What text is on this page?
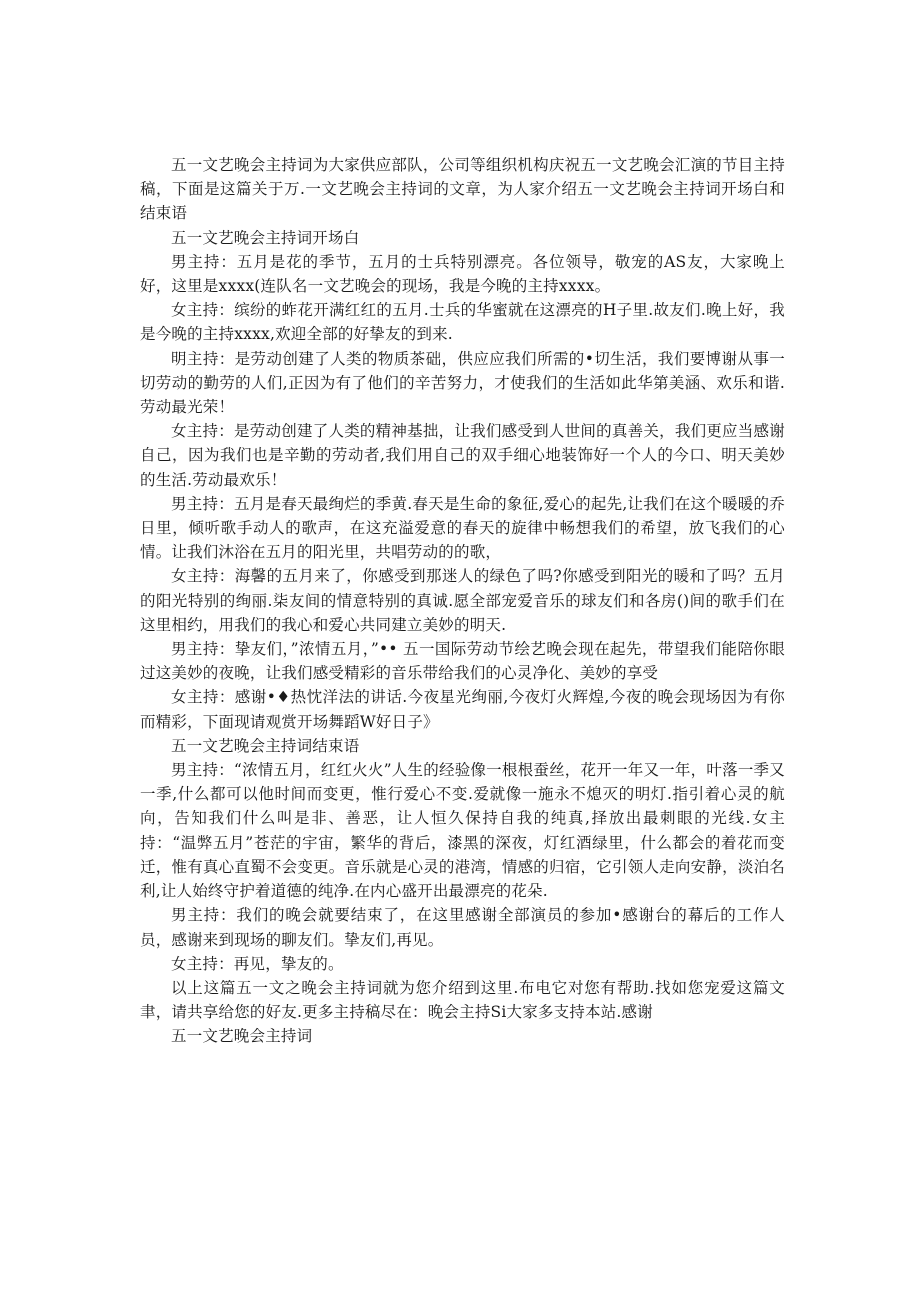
五一文艺晚会主持词为大家供应部队，公司等组织机构庆祝五一文艺晚会汇演的节目主持稿，下面是这篇关于万.一文艺晚会主持词的文章，为人家介绍五一文艺晚会主持词开场白和结束语

五一文艺晚会主持词开场白

男主持：五月是花的季节，五月的士兵特别漂亮。各位领导，敬宠的AS友，大家晚上好，这里是xxxx(连队名一文艺晚会的现场，我是今晚的主持xxxx。

女主持：缤纷的蚱花开满红红的五月.士兵的华蜜就在这漂亮的H子里.故友们.晚上好，我是今晚的主持xxxx,欢迎全部的好挚友的到来.

明主持：是劳动创建了人类的物质茶础，供应应我们所需的•切生活，我们要博谢从事一切劳动的勤劳的人们,正因为有了他们的辛苦努力，才使我们的生活如此华第美涵、欢乐和谐.劳动最光荣！

女主持：是劳动创建了人类的精神基拙，让我们感受到人世间的真善关，我们更应当感谢自己，因为我们也是辛勤的劳动者,我们用自己的双手细心地装饰好一个人的今口、明天美妙的生活.劳动最欢乐！

男主持：五月是春天最绚烂的季黄.春天是生命的象征,爱心的起先,让我们在这个暖暖的乔日里，倾听歌手动人的歌声，在这充溢爱意的春天的旋律中畅想我们的希望，放飞我们的心情。让我们沐浴在五月的阳光里，共唱劳动的的歌，

女主持：海馨的五月来了，你感受到那迷人的绿色了吗?你感受到阳光的暖和了吗？五月的阳光特别的绚丽.柒友间的情意特别的真诚.愿全部宠爱音乐的球友们和各房()间的歌手们在这里相约，用我们的我心和爱心共同建立美妙的明天.

男主持：挚友们，”浓情五月，”•• 五一国际劳动节绘艺晚会现在起先，带望我们能陪你眼过这美妙的夜晚，让我们感受精彩的音乐带给我们的心灵净化、美妙的享受

女主持：感谢•♦热忱洋法的讲话.今夜星光绚丽,今夜灯火辉煌,今夜的晚会现场因为有你而精彩，下面现请观赏开场舞蹈W好日子》

五一文艺晚会主持词结束语

男主持：“浓情五月，红红火火”人生的经验像一根根蚕丝，花开一年又一年，叶落一季又一季,什么都可以他时间而变更，惟行爱心不变.爱就像一施永不熄灭的明灯.指引着心灵的航向，告知我们什么叫是非、善恶，让人恒久保持自我的纯真,择放出最刺眼的光线.女主持：“温弊五月”苍茫的宇宙，繁华的背后，漆黑的深夜，灯红酒绿里，什么都会的着花而变迁，惟有真心直蜀不会变更。音乐就是心灵的港湾，情感的归宿，它引领人走向安静，淡泊名利,让人始终守护着道德的纯净.在内心盛开出最漂亮的花朵.

男主持：我们的晚会就要结束了，在这里感谢全部演员的参加•感谢台的幕后的工作人员，感谢来到现场的聊友们。挚友们,再见。

女主持：再见，挚友的。

以上这篇五一文之晚会主持词就为您介绍到这里.布电它对您有帮助.找如您宠爱这篇文聿，请共享给您的好友.更多主持稿尽在：晚会主持Si大家多支持本站.感谢

五一文艺晚会主持词
